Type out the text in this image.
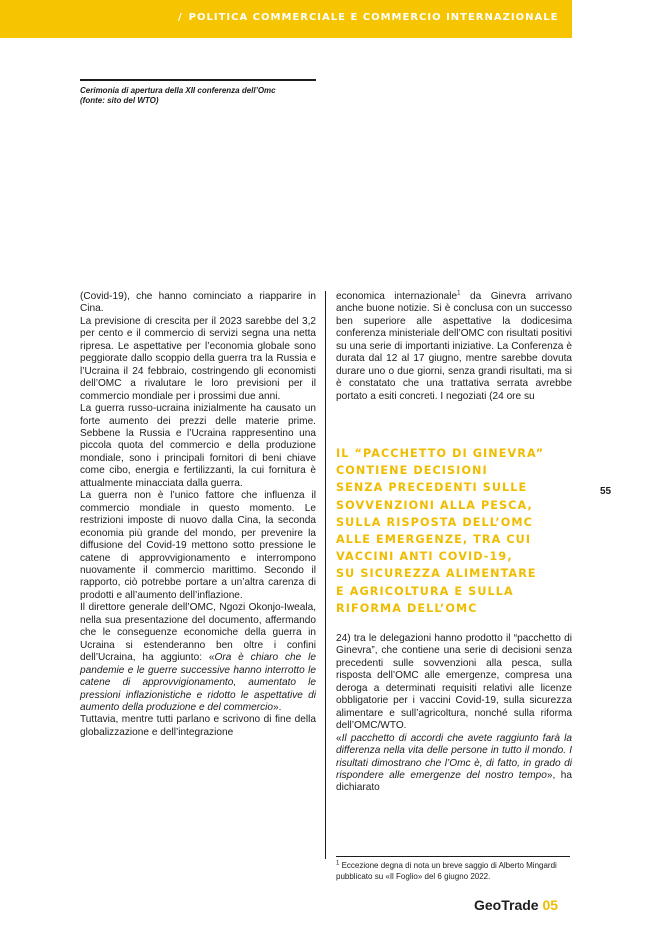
/ POLITICA COMMERCIALE E COMMERCIO INTERNAZIONALE
Cerimonia di apertura della XII conferenza dell’Omc
(fonte: sito del WTO)

(Covid-19), che hanno cominciato a riapparire in Cina.

La previsione di crescita per il 2023 sarebbe del 3,2 per cento e il commercio di servizi segna una netta ripresa. Le aspettative per l’economia globale sono peggiorate dallo scoppio della guerra tra la Russia e l’Ucraina il 24 febbraio, costringendo gli economisti dell’OMC a rivalutare le loro previsioni per il commercio mondiale per i prossimi due anni.

La guerra russo-ucraina inizialmente ha causato un forte aumento dei prezzi delle materie prime. Sebbene la Russia e l’Ucraina rappresentino una piccola quota del commercio e della produzione mondiale, sono i principali fornitori di beni chiave come cibo, energia e fertilizzanti, la cui fornitura è attualmente minacciata dalla guerra.

La guerra non è l’unico fattore che influenza il commercio mondiale in questo momento. Le restrizioni imposte di nuovo dalla Cina, la seconda economia più grande del mondo, per prevenire la diffusione del Covid-19 mettono sotto pressione le catene di approvvigionamento e interrompono nuovamente il commercio marittimo. Secondo il rapporto, ciò potrebbe portare a un’altra carenza di prodotti e all’aumento dell’inflazione.

Il direttore generale dell’OMC, Ngozi Okonjo-Iweala, nella sua presentazione del documento, affermando che le conseguenze economiche della guerra in Ucraina si estenderanno ben oltre i confini dell’Ucraina, ha aggiunto: «Ora è chiaro che le pandemie e le guerre successive hanno interrotto le catene di approvvigionamento, aumentato le pressioni inflazionistiche e ridotto le aspettative di aumento della produzione e del commercio».

Tuttavia, mentre tutti parlano e scrivono di fine della globalizzazione e dell’integrazione

economica internazionale$^1$ da Ginevra arrivano anche buone notizie. Si è conclusa con un successo ben superiore alle aspettative la dodicesima conferenza ministeriale dell’OMC con risultati positivi su una serie di importanti iniziative. La Conferenza è durata dal 12 al 17 giugno, mentre sarebbe dovuta durare uno o due giorni, senza grandi risultati, ma si è constatato che una trattativa serrata avrebbe portato a esiti concreti. I negoziati (24 ore su

IL “PACCHETTO DI GINEVRA”
CONTIENE DECISIONI
SENZA PRECEDENTI SULLE
SOVVENZIONI ALLA PESCA,
SULLA RISPOSTA DELL’OMC
ALLE EMERGENZE, TRA CUI
VACCINI ANTI COVID-19,
SU SICUREZZA ALIMENTARE
E AGRICOLTURA E SULLA
RIFORMA DELL’OMC

24) tra le delegazioni hanno prodotto il “pacchetto di Ginevra”, che contiene una serie di decisioni senza precedenti sulle sovvenzioni alla pesca, sulla risposta dell’OMC alle emergenze, compresa una deroga a determinati requisiti relativi alle licenze obbligatorie per i vaccini Covid-19, sulla sicurezza alimentare e sull’agricoltura, nonché sulla riforma dell’OMC/WTO.

«Il pacchetto di accordi che avete raggiunto farà la differenza nella vita delle persone in tutto il mondo. I risultati dimostrano che l’Omc è, di fatto, in grado di rispondere alle emergenze del nostro tempo», ha dichiarato

55
$^1$ Eccezione degna di nota un breve saggio di Alberto Mingardi pubblicato su «Il Foglio» del 6 giugno 2022.
GeoTrade 05
